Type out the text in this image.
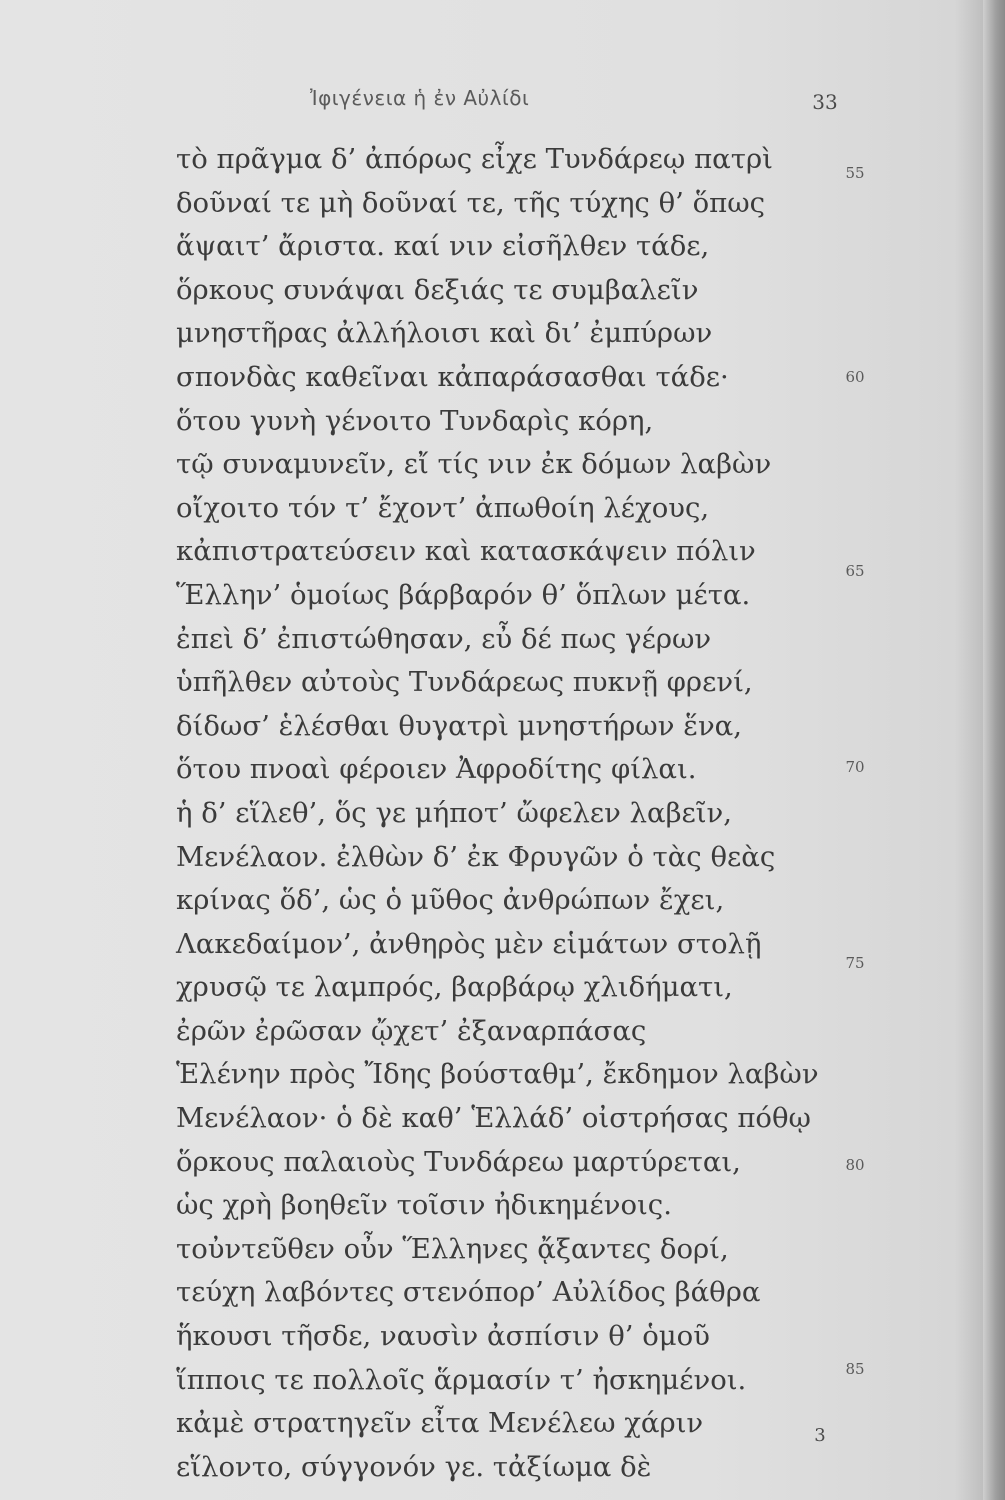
Ἰφιγένεια ἡ ἐν Αὐλίδι	33
τὸ πρᾶγμα δ’ ἀπόρως εἶχε Τυνδάρεῳ πατρὶ
δοῦναί τε μὴ δοῦναί τε, τῆς τύχης θ’ ὅπως
ἅψαιτ’ ἄριστα. καί νιν εἰσῆλθεν τάδε,
ὅρκους συνάψαι δεξιάς τε συμβαλεῖν
μνηστῆρας ἀλλήλοισι καὶ δι’ ἐμπύρων
σπονδὰς καθεῖναι κἀπαράσασθαι τάδε·
ὅτου γυνὴ γένοιτο Τυνδαρὶς κόρη,
τῷ συναμυνεῖν, εἴ τίς νιν ἐκ δόμων λαβὼν
οἴχοιτο τόν τ’ ἔχοντ’ ἀπωθοίη λέχους,
κἀπιστρατεύσειν καὶ κατασκάψειν πόλιν
Ἕλλην’ ὁμοίως βάρβαρόν θ’ ὅπλων μέτα.
ἐπεὶ δ’ ἐπιστώθησαν, εὖ δέ πως γέρων
ὑπῆλθεν αὐτοὺς Τυνδάρεως πυκνῇ φρενί,
δίδωσ’ ἑλέσθαι θυγατρὶ μνηστήρων ἕνα,
ὅτου πνοαὶ φέροιεν Ἀφροδίτης φίλαι.
ἡ δ’ εἵλεθ’, ὅς γε μήποτ’ ὤφελεν λαβεῖν,
Μενέλαον. ἐλθὼν δ’ ἐκ Φρυγῶν ὁ τὰς θεὰς
κρίνας ὅδ’, ὡς ὁ μῦθος ἀνθρώπων ἔχει,
Λακεδαίμον’, ἀνθηρὸς μὲν εἱμάτων στολῇ
χρυσῷ τε λαμπρός, βαρβάρῳ χλιδήματι,
ἐρῶν ἐρῶσαν ᾤχετ’ ἐξαναρπάσας
Ἑλένην πρὸς Ἴδης βούσταθμ’, ἔκδημον λαβὼν
Μενέλαον· ὁ δὲ καθ’ Ἑλλάδ’ οἰστρήσας πόθῳ
ὅρκους παλαιοὺς Τυνδάρεω μαρτύρεται,
ὡς χρὴ βοηθεῖν τοῖσιν ἠδικημένοις.
τοὐντεῦθεν οὖν Ἕλληνες ᾄξαντες δορί,
τεύχη λαβόντες στενόπορ’ Αὐλίδος βάθρα
ἥκουσι τῆσδε, ναυσὶν ἀσπίσιν θ’ ὁμοῦ
ἵπποις τε πολλοῖς ἅρμασίν τ’ ἠσκημένοι.
κἀμὲ στρατηγεῖν εἶτα Μενέλεω χάριν
εἵλοντο, σύγγονόν γε. τἀξίωμα δὲ
55
60
65
70
75
80
85
3
